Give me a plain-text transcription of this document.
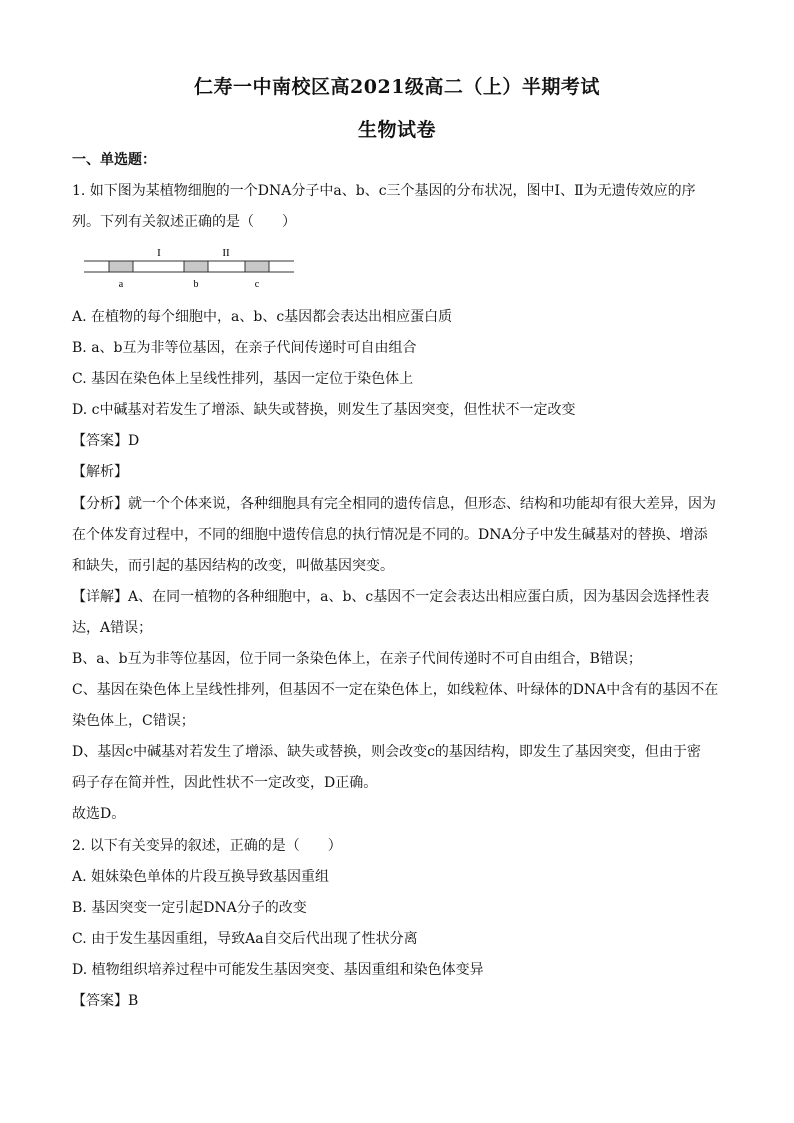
仁寿一中南校区高2021级高二（上）半期考试
生物试卷
一、单选题：
1. 如下图为某植物细胞的一个DNA分子中a、b、c三个基因的分布状况，图中Ⅰ、Ⅱ为无遗传效应的序
列。下列有关叙述正确的是（　　）
I	II
a	b	c
A. 在植物的每个细胞中，a、b、c基因都会表达出相应蛋白质
B. a、b互为非等位基因，在亲子代间传递时可自由组合
C. 基因在染色体上呈线性排列，基因一定位于染色体上
D. c中碱基对若发生了增添、缺失或替换，则发生了基因突变，但性状不一定改变
【答案】D
【解析】
【分析】就一个个体来说，各种细胞具有完全相同的遗传信息，但形态、结构和功能却有很大差异，因为
在个体发育过程中，不同的细胞中遗传信息的执行情况是不同的。DNA分子中发生碱基对的替换、增添
和缺失，而引起的基因结构的改变，叫做基因突变。
【详解】A、在同一植物的各种细胞中，a、b、c基因不一定会表达出相应蛋白质，因为基因会选择性表
达，A错误；
B、a、b互为非等位基因，位于同一条染色体上，在亲子代间传递时不可自由组合，B错误；
C、基因在染色体上呈线性排列，但基因不一定在染色体上，如线粒体、叶绿体的DNA中含有的基因不在
染色体上，C错误；
D、基因c中碱基对若发生了增添、缺失或替换，则会改变c的基因结构，即发生了基因突变，但由于密
码子存在简并性，因此性状不一定改变，D正确。
故选D。
2. 以下有关变异的叙述，正确的是（　　）
A. 姐妹染色单体的片段互换导致基因重组
B. 基因突变一定引起DNA分子的改变
C. 由于发生基因重组，导致Aa自交后代出现了性状分离
D. 植物组织培养过程中可能发生基因突变、基因重组和染色体变异
【答案】B
